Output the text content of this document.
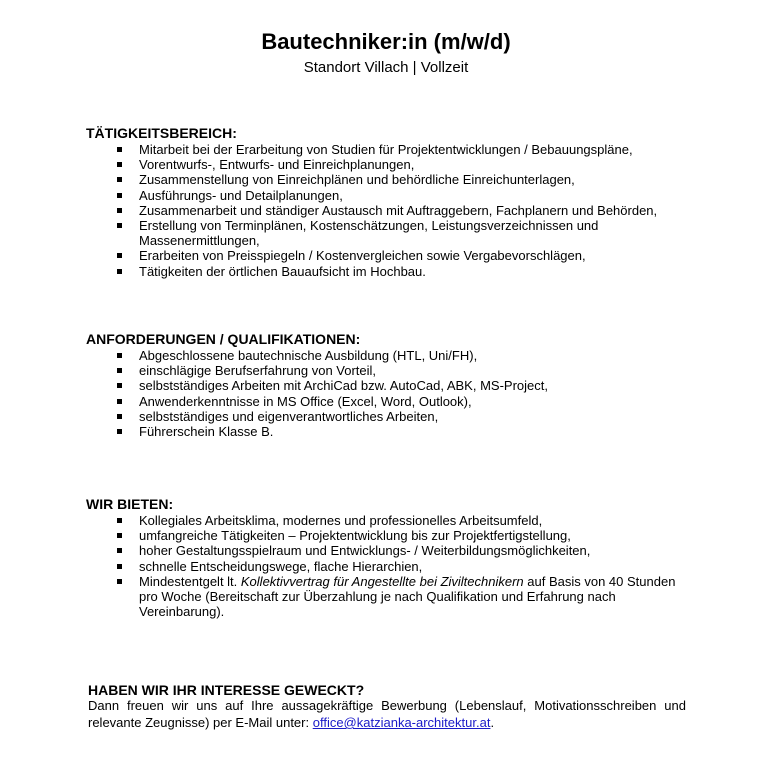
Bautechniker:in (m/w/d)
Standort Villach | Vollzeit
TÄTIGKEITSBEREICH:
Mitarbeit bei der Erarbeitung von Studien für Projektentwicklungen / Bebauungspläne,
Vorentwurfs-, Entwurfs- und Einreichplanungen,
Zusammenstellung von Einreichplänen und behördliche Einreichunterlagen,
Ausführungs- und Detailplanungen,
Zusammenarbeit und ständiger Austausch mit Auftraggebern, Fachplanern und Behörden,
Erstellung von Terminplänen, Kostenschätzungen, Leistungsverzeichnissen und Massenermittlungen,
Erarbeiten von Preisspiegeln / Kostenvergleichen sowie Vergabevorschlägen,
Tätigkeiten der örtlichen Bauaufsicht im Hochbau.
ANFORDERUNGEN / QUALIFIKATIONEN:
Abgeschlossene bautechnische Ausbildung (HTL, Uni/FH),
einschlägige Berufserfahrung von Vorteil,
selbstständiges Arbeiten mit ArchiCad bzw. AutoCad, ABK, MS-Project,
Anwenderkenntnisse in MS Office (Excel, Word, Outlook),
selbstständiges und eigenverantwortliches Arbeiten,
Führerschein Klasse B.
WIR BIETEN:
Kollegiales Arbeitsklima, modernes und professionelles Arbeitsumfeld,
umfangreiche Tätigkeiten – Projektentwicklung bis zur Projektfertigstellung,
hoher Gestaltungsspielraum und Entwicklungs- / Weiterbildungsmöglichkeiten,
schnelle Entscheidungswege, flache Hierarchien,
Mindestentgelt lt. Kollektivvertrag für Angestellte bei Ziviltechnikern auf Basis von 40 Stunden pro Woche (Bereitschaft zur Überzahlung je nach Qualifikation und Erfahrung nach Vereinbarung).
HABEN WIR IHR INTERESSE GEWECKT?
Dann freuen wir uns auf Ihre aussagekräftige Bewerbung (Lebenslauf, Motivationsschreiben und relevante Zeugnisse) per E-Mail unter: office@katzianka-architektur.at.
